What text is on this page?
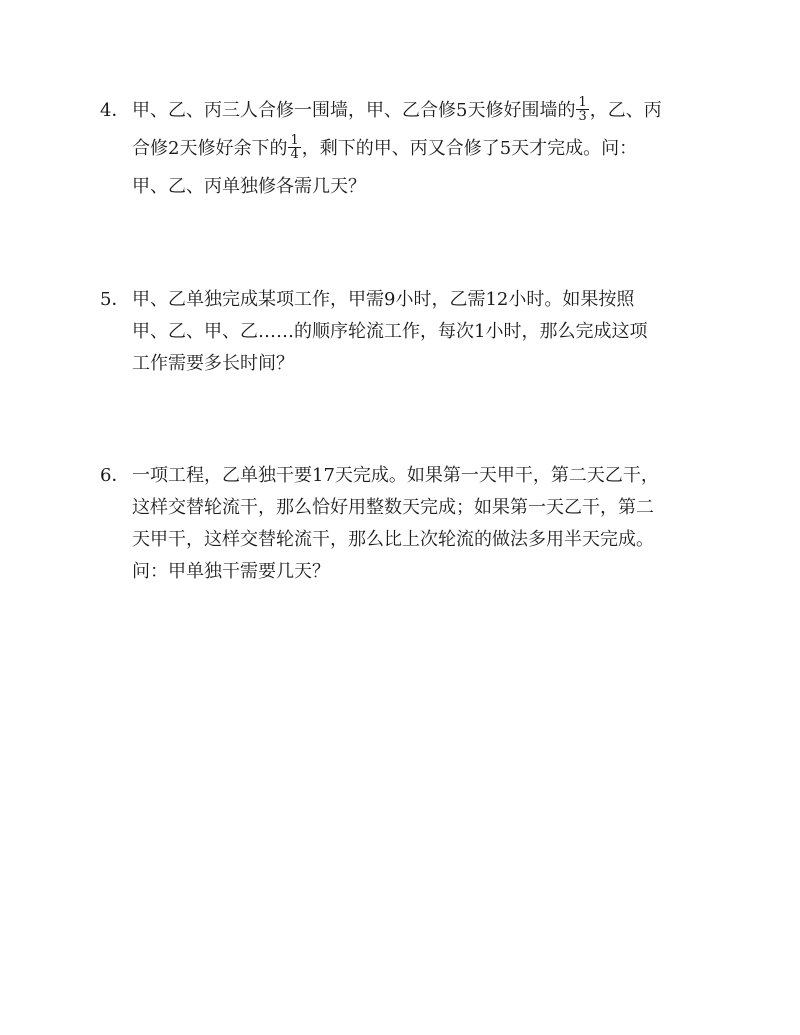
4． 甲、乙、丙三人合修一围墙，甲、乙合修5天修好围墙的 $\frac{1}{3}$ ，乙、丙
合修2天修好余下的 $\frac{1}{4}$ ，剩下的甲、丙又合修了5天才完成。问：
甲、乙、丙单独修各需几天？
5． 甲、乙单独完成某项工作，甲需9小时，乙需12小时。如果按照
甲、乙、甲、乙……的顺序轮流工作，每次1小时，那么完成这项
工作需要多长时间？
6． 一项工程，乙单独干要17天完成。如果第一天甲干，第二天乙干，
这样交替轮流干，那么恰好用整数天完成；如果第一天乙干，第二
天甲干，这样交替轮流干，那么比上次轮流的做法多用半天完成。
问：甲单独干需要几天？
